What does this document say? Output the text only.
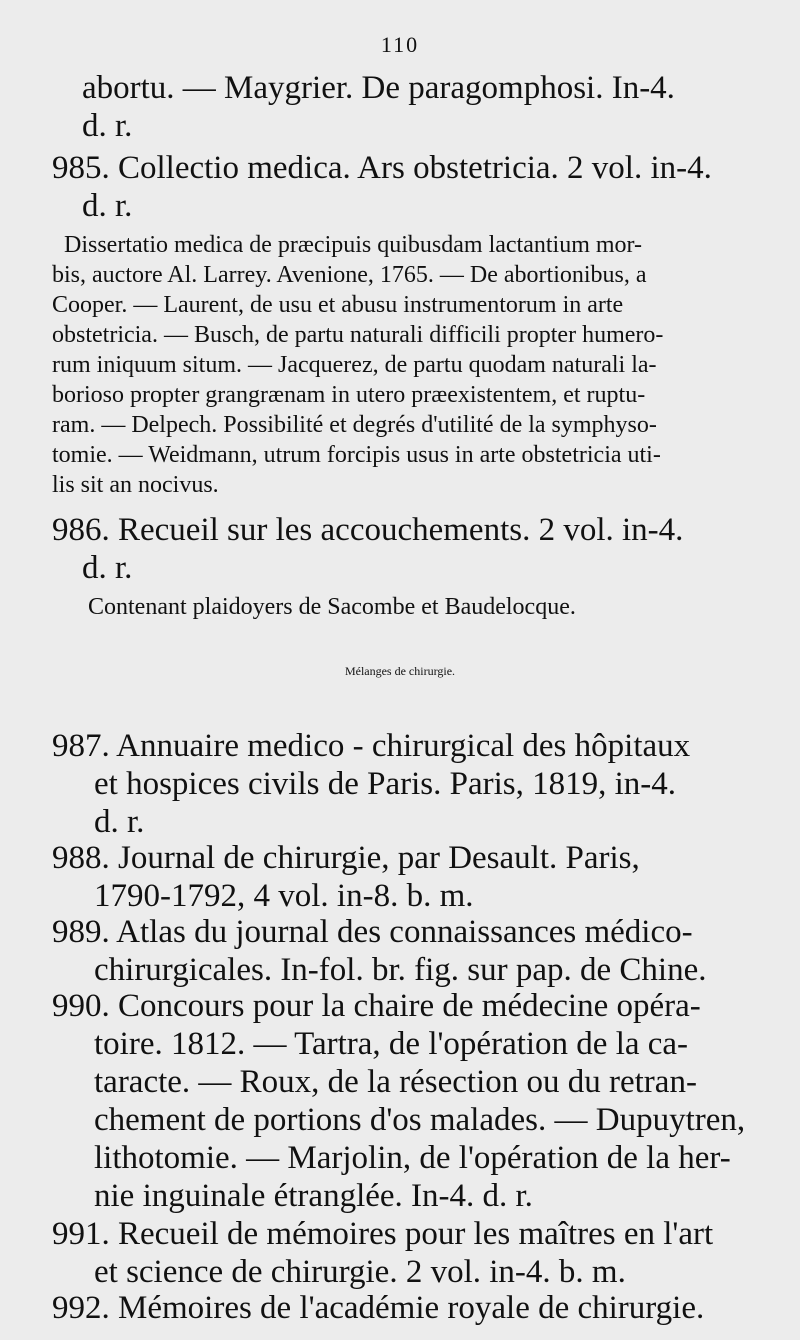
110
abortu. — Maygrier. De paragomphosi. In-4.
d. r.
985. Collectio medica. Ars obstetricia. 2 vol. in-4.
d. r.
Dissertatio medica de præcipuis quibusdam lactantium mor-
bis, auctore Al. Larrey. Avenione, 1765. — De abortionibus, a
Cooper. — Laurent, de usu et abusu instrumentorum in arte
obstetricia. — Busch, de partu naturali difficili propter humero-
rum iniquum situm. — Jacquerez, de partu quodam naturali la-
borioso propter grangrænam in utero præexistentem, et ruptu-
ram. — Delpech. Possibilité et degrés d'utilité de la symphyso-
tomie. — Weidmann, utrum forcipis usus in arte obstetricia uti-
lis sit an nocivus.
986. Recueil sur les accouchements. 2 vol. in-4.
d. r.
Contenant plaidoyers de Sacombe et Baudelocque.
Mélanges de chirurgie.
987. Annuaire medico - chirurgical des hôpitaux
et hospices civils de Paris. Paris, 1819, in-4.
d. r.
988. Journal de chirurgie, par Desault. Paris,
1790-1792, 4 vol. in-8. b. m.
989. Atlas du journal des connaissances médico-
chirurgicales. In-fol. br. fig. sur pap. de Chine.
990. Concours pour la chaire de médecine opéra-
toire. 1812. — Tartra, de l'opération de la ca-
taracte. — Roux, de la résection ou du retran-
chement de portions d'os malades. — Dupuytren,
lithotomie. — Marjolin, de l'opération de la her-
nie inguinale étranglée. In-4. d. r.
991. Recueil de mémoires pour les maîtres en l'art
et science de chirurgie. 2 vol. in-4. b. m.
992. Mémoires de l'académie royale de chirurgie.
